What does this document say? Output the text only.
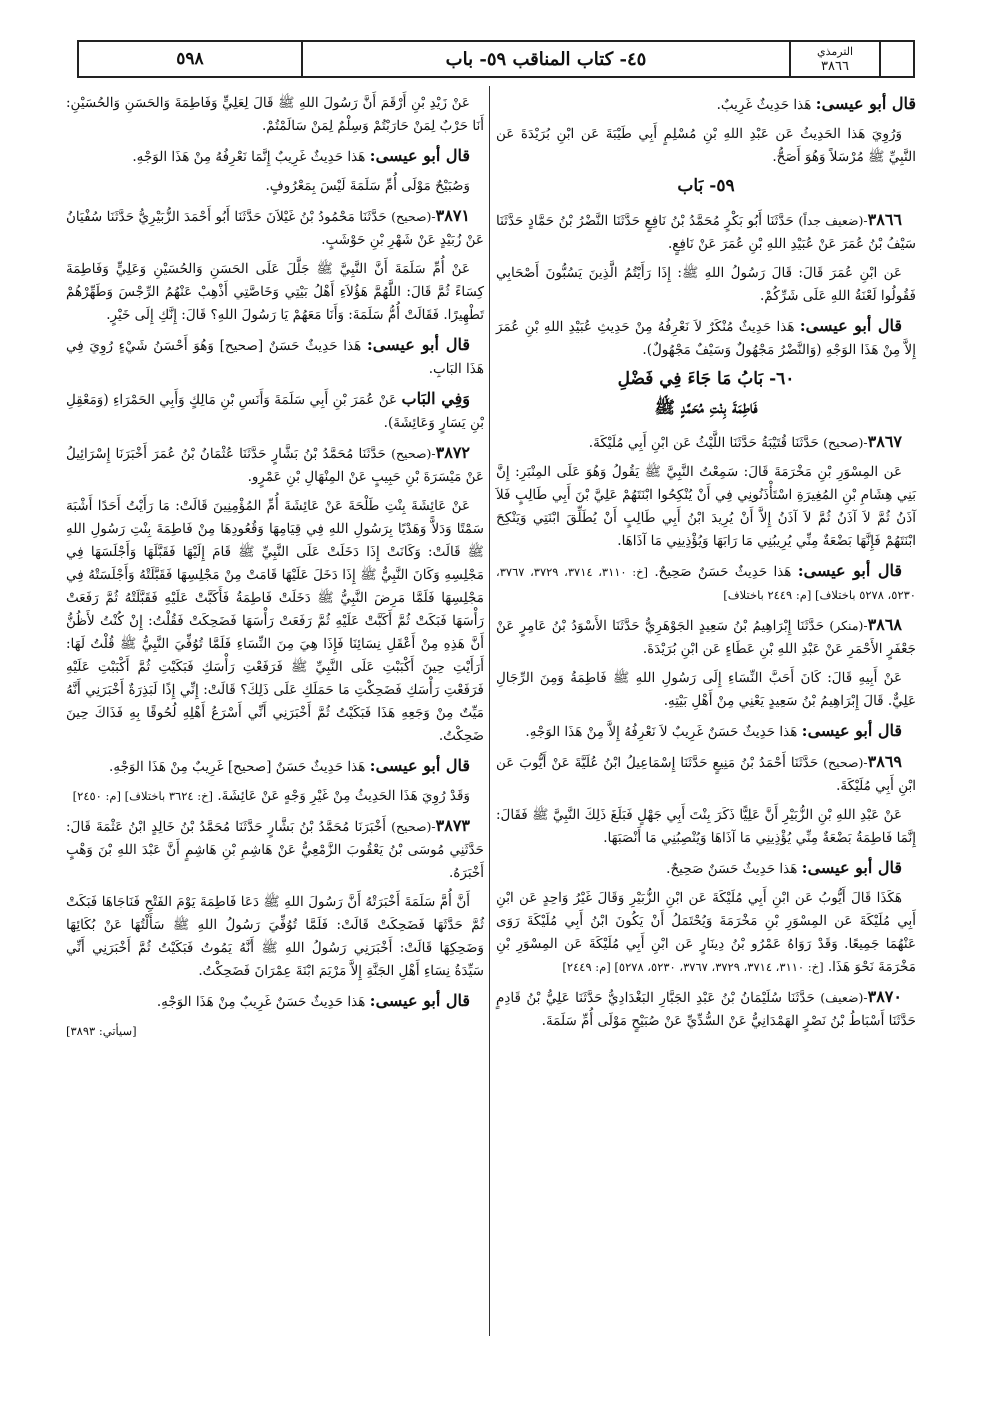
٥٩٨	٤٥- كتاب المناقب ٥٩- باب	الترمذي
٣٨٦٦

قال أبو عيسى: هَذا حَدِيثٌ غَرِيبٌ.

وَرُوِيَ هَذا الحَدِيثُ عَن عَبْدِ اللهِ بْنِ مُسْلِمٍ أَبِي طَيْبَةَ عَن ابْنِ بُرَيْدَةَ عَن النَّبِيِّ ﷺ مُرْسَلاً وَهُوَ أَصَحُّ.

٥٩- بَاب

٣٨٦٦-(ضعيف جداً) حَدَّثَنَا أَبُو بَكْرٍ مُحَمَّدُ بْنُ نَافِعٍ حَدَّثَنَا النَّضْرُ بْنُ حَمَّادٍ حَدَّثَنَا سَيْفُ بْنُ عُمَرَ عَنْ عُبَيْدِ اللهِ بْنِ عُمَرَ عَنْ نَافِعٍ.

عَن ابْنِ عُمَرَ قَالَ: قَالَ رَسُولُ اللهِ ﷺ: إِذَا رَأَيْتُمُ الَّذِينَ يَسُبُّونَ أَصْحَابِي فَقُولُوا لَعْنَةُ اللهِ عَلَى شَرِّكُمْ.

قال أبو عيسى: هَذا حَدِيثٌ مُنْكَرٌ لاَ نَعْرِفُهُ مِنْ حَدِيثِ عُبَيْدِ اللهِ بْنِ عُمَرَ إِلاَّ مِنْ هَذَا الوَجْهِ (وَالنَّضْرُ مَجْهُولٌ وَسَيْفٌ مَجْهُولٌ).

٦٠- بَابُ مَا جَاءَ فِي فَضْلِ

فَاطِمَةَ بِنْتِ مُحَمَّدٍ ﷺ

٣٨٦٧-(صحيح) حَدَّثَنَا قُتَيْبَةُ حَدَّثَنَا اللَّيْثُ عَن ابْنِ أَبِي مُلَيْكَةَ.

عَن المِسْوَرِ بْنِ مَخْرَمَةَ قَالَ: سَمِعْتُ النَّبِيَّ ﷺ يَقُولُ وَهُوَ عَلَى المِنْبَرِ: إِنَّ بَنِي هِشَامِ بْنِ المُغِيرَةِ اسْتَأْذَنُونِي فِي أَنْ يُنْكِحُوا ابْنَتَهُمْ عَلِيَّ بْنَ أَبِي طَالِبٍ فَلاَ آذَنُ ثُمَّ لاَ آذَنُ ثُمَّ لاَ آذَنُ إِلاَّ أَنْ يُرِيدَ ابْنُ أَبِي طَالِبٍ أَنْ يُطَلِّقَ ابْنَتِي وَيَنْكِحَ ابْنَتَهُمْ فَإِنَّهَا بَضْعَةٌ مِنِّي يُرِيبُنِي مَا رَابَهَا وَيُؤْذِينِي مَا آذَاهَا.

قال أبو عيسى: هَذا حَدِيثٌ حَسَنٌ صَحِيحٌ. [خ: ٣١١٠، ٣٧١٤، ٣٧٢٩، ٣٧٦٧، ٥٢٣٠، ٥٢٧٨ باختلاف] [م: ٢٤٤٩ باختلاف]

٣٨٦٨-(منكر) حَدَّثَنَا إِبْرَاهِيمُ بْنُ سَعِيدٍ الجَوْهَرِيُّ حَدَّثَنَا الأَسْوَدُ بْنُ عَامِرٍ عَنْ جَعْفَرٍ الأَحْمَرِ عَنْ عَبْدِ اللهِ بْنِ عَطَاءٍ عَن ابْنِ بُرَيْدَةَ.

عَنْ أَبِيهِ قَالَ: كَانَ أَحَبَّ النِّسَاءِ إِلَى رَسُولِ اللهِ ﷺ فَاطِمَةُ وَمِنَ الرِّجَالِ عَلِيٌّ. قَالَ إِبْرَاهِيمُ بْنُ سَعِيدٍ يَعْنِي مِنْ أَهْلِ بَيْتِهِ.

قال أبو عيسى: هَذا حَدِيثٌ حَسَنٌ غَرِيبٌ لاَ نَعْرِفُهُ إِلاَّ مِنْ هَذَا الوَجْهِ.

٣٨٦٩-(صحيح) حَدَّثَنَا أَحْمَدُ بْنُ مَنِيعٍ حَدَّثَنَا إِسْمَاعِيلُ ابْنُ عُلَيَّةَ عَنْ أَيُّوبَ عَن ابْنِ أَبِي مُلَيْكَةَ.

عَنْ عَبْدِ اللهِ بْنِ الزُّبَيْرِ أَنَّ عَلِيًّا ذَكَرَ بِنْتَ أَبِي جَهْلٍ فَبَلَغَ ذَلِكَ النَّبِيَّ ﷺ فَقَالَ: إِنَّمَا فَاطِمَةُ بَضْعَةٌ مِنِّي يُؤْذِينِي مَا آذَاهَا وَيُنْصِبُنِي مَا أَنْصَبَهَا.

قال أبو عيسى: هَذا حَدِيثٌ حَسَنٌ صَحِيحٌ.

هَكَذَا قَالَ أَيُّوبُ عَن ابْنِ أَبِي مُلَيْكَةَ عَن ابْنِ الزُّبَيْرِ وَقَالَ غَيْرُ وَاحِدٍ عَن ابْنِ أَبِي مُلَيْكَةَ عَن المِسْوَرِ بْنِ مَخْرَمَةَ وَيُحْتَمَلُ أَنْ يَكُونَ ابْنُ أَبِي مُلَيْكَةَ رَوَى عَنْهُمَا جَمِيعًا. وَقَدْ رَوَاهُ عَمْرُو بْنُ دِينَارٍ عَن ابْنِ أَبِي مُلَيْكَةَ عَن المِسْوَرِ بْنِ مَخْرَمَةَ نَحْوَ هَذَا. [خ: ٣١١٠، ٣٧١٤، ٣٧٢٩، ٣٧٦٧، ٥٢٣٠، ٥٢٧٨] [م: ٢٤٤٩]

٣٨٧٠-(ضعيف) حَدَّثَنَا سُلَيْمَانُ بْنُ عَبْدِ الجَبَّارِ البَغْدَادِيُّ حَدَّثَنَا عَلِيُّ بْنُ قَادِمٍ حَدَّثَنَا أَسْبَاطُ بْنُ نَصْرٍ الهَمْدَانِيُّ عَنْ السُّدِّيِّ عَنْ صُبَيْحٍ مَوْلَى أُمِّ سَلَمَةَ.

عَنْ زَيْدِ بْنِ أَرْقَمَ أَنَّ رَسُولَ اللهِ ﷺ قَالَ لِعَلِيٍّ وَفَاطِمَةَ وَالحَسَنِ وَالحُسَيْنِ: أَنَا حَرْبٌ لِمَنْ حَارَبْتُمْ وَسِلْمٌ لِمَنْ سَالَمْتُمْ.

قال أبو عيسى: هَذا حَدِيثٌ غَرِيبٌ إِنَّمَا نَعْرِفُهُ مِنْ هَذَا الوَجْهِ.

وَصُبَيْحٌ مَوْلَى أُمِّ سَلَمَةَ لَيْسَ بِمَعْرُوفٍ.

٣٨٧١-(صحيح) حَدَّثَنَا مَحْمُودُ بْنُ غَيْلاَنَ حَدَّثَنَا أَبُو أَحْمَدَ الزُّبَيْرِيُّ حَدَّثَنَا سُفْيَانُ عَنْ زُبَيْدٍ عَنْ شَهْرِ بْنِ حَوْشَبٍ.

عَنْ أُمِّ سَلَمَةَ أَنَّ النَّبِيَّ ﷺ جَلَّلَ عَلَى الحَسَنِ وَالحُسَيْنِ وَعَلِيٍّ وَفَاطِمَةَ كِسَاءً ثُمَّ قَالَ: اللَّهُمَّ هَؤُلاَءِ أَهْلُ بَيْتِي وَخَاصَّتِي أَذْهِبْ عَنْهُمُ الرِّجْسَ وَطَهِّرْهُمْ تَطْهِيرًا. فَقَالَتْ أُمُّ سَلَمَةَ: وَأَنَا مَعَهُمْ يَا رَسُولَ اللهِ؟ قَالَ: إِنَّكِ إِلَى خَيْرٍ.

قال أبو عيسى: هَذا حَدِيثٌ حَسَنٌ [صحيح] وَهُوَ أَحْسَنُ شَيْءٍ رُوِيَ فِي هَذَا البَابِ.

وَفِي البَاب عَنْ عُمَرَ بْنِ أَبِي سَلَمَةَ وَأَنَسِ بْنِ مَالِكٍ وَأَبِي الحَمْرَاءِ (وَمَعْقِلِ بْنِ يَسَارٍ وَعَائِشَةَ).

٣٨٧٢-(صحيح) حَدَّثَنَا مُحَمَّدُ بْنُ بَشَّارٍ حَدَّثَنَا عُثْمَانُ بْنُ عُمَرَ أَخْبَرَنَا إِسْرَائِيلُ عَنْ مَيْسَرَةَ بْنِ حَبِيبٍ عَنْ المِنْهَالِ بْنِ عَمْرٍو.

عَنْ عَائِشَةَ بِنْتِ طَلْحَةَ عَنْ عَائِشَةَ أُمِّ المُؤْمِنِينَ قَالَتْ: مَا رَأَيْتُ أَحَدًا أَشْبَهَ سَمْتًا وَدَلاًّ وَهَدْيًا بِرَسُولِ اللهِ فِي قِيَامِهَا وَقُعُودِهَا مِنْ فَاطِمَةَ بِنْتِ رَسُولِ اللهِ ﷺ قَالَتْ: وَكَانَتْ إِذَا دَخَلَتْ عَلَى النَّبِيِّ ﷺ قَامَ إِلَيْهَا فَقَبَّلَهَا وَأَجْلَسَهَا فِي مَجْلِسِهِ وَكَانَ النَّبِيُّ ﷺ إِذَا دَخَلَ عَلَيْهَا قَامَتْ مِنْ مَجْلِسِهَا فَقَبَّلَتْهُ وَأَجْلَسَتْهُ فِي مَجْلِسِهَا فَلَمَّا مَرِضَ النَّبِيُّ ﷺ دَخَلَتْ فَاطِمَةُ فَأَكَبَّتْ عَلَيْهِ فَقَبَّلَتْهُ ثُمَّ رَفَعَتْ رَأْسَهَا فَبَكَتْ ثُمَّ أَكَبَّتْ عَلَيْهِ ثُمَّ رَفَعَتْ رَأْسَهَا فَضَحِكَتْ فَقُلْتُ: إِنْ كُنْتُ لأَظُنُّ أَنَّ هَذِهِ مِنْ أَعْقَلِ نِسَائِنَا فَإِذَا هِيَ مِنَ النِّسَاءِ فَلَمَّا تُوُفِّيَ النَّبِيُّ ﷺ قُلْتُ لَهَا: أَرَأَيْتِ حِينَ أَكْبَبْتِ عَلَى النَّبِيِّ ﷺ فَرَفَعْتِ رَأْسَكِ فَبَكَيْتِ ثُمَّ أَكْبَبْتِ عَلَيْهِ فَرَفَعْتِ رَأْسَكِ فَضَحِكْتِ مَا حَمَلَكِ عَلَى ذَلِكَ؟ قَالَتْ: إِنِّي إِذًا لَبَذِرَةٌ أَخْبَرَنِي أَنَّهُ مَيِّتٌ مِنْ وَجَعِهِ هَذَا فَبَكَيْتُ ثُمَّ أَخْبَرَنِي أَنِّي أَسْرَعُ أَهْلِهِ لُحُوقًا بِهِ فَذَاكَ حِينَ ضَحِكْتُ.

قال أبو عيسى: هَذا حَدِيثٌ حَسَنٌ [صحيح] غَرِيبٌ مِنْ هَذَا الوَجْهِ.

وَقَدْ رُوِيَ هَذَا الحَدِيثُ مِنْ غَيْرِ وَجْهٍ عَنْ عَائِشَةَ. [خ: ٣٦٢٤ باختلاف] [م: ٢٤٥٠]

٣٨٧٣-(صحيح) أَخْبَرَنَا مُحَمَّدُ بْنُ بَشَّارٍ حَدَّثَنَا مُحَمَّدُ بْنُ خَالِدٍ ابْنُ عَثْمَةَ قَالَ: حَدَّثَنِي مُوسَى بْنُ يَعْقُوبَ الزَّمْعِيُّ عَنْ هَاشِمِ بْنِ هَاشِمٍ أَنَّ عَبْدَ اللهِ بْنَ وَهْبٍ أَخْبَرَهُ.

أَنَّ أُمَّ سَلَمَةَ أَخْبَرَتْهُ أَنَّ رَسُولَ اللهِ ﷺ دَعَا فَاطِمَةَ يَوْمَ الفَتْحِ فَنَاجَاهَا فَبَكَتْ ثُمَّ حَدَّثَهَا فَضَحِكَتْ قَالَتْ: فَلَمَّا تُوُفِّيَ رَسُولُ اللهِ ﷺ سَأَلْتُهَا عَنْ بُكَائِهَا وَضَحِكِهَا قَالَتْ: أَخْبَرَنِي رَسُولُ اللهِ ﷺ أَنَّهُ يَمُوتُ فَبَكَيْتُ ثُمَّ أَخْبَرَنِي أَنِّي سَيِّدَةُ نِسَاءِ أَهْلِ الجَنَّةِ إِلاَّ مَرْيَمَ ابْنَةَ عِمْرَانَ فَضَحِكْتُ.

قال أبو عيسى: هَذا حَدِيثٌ حَسَنٌ غَرِيبٌ مِنْ هَذَا الوَجْهِ.

[سيأتي: ٣٨٩٣]
